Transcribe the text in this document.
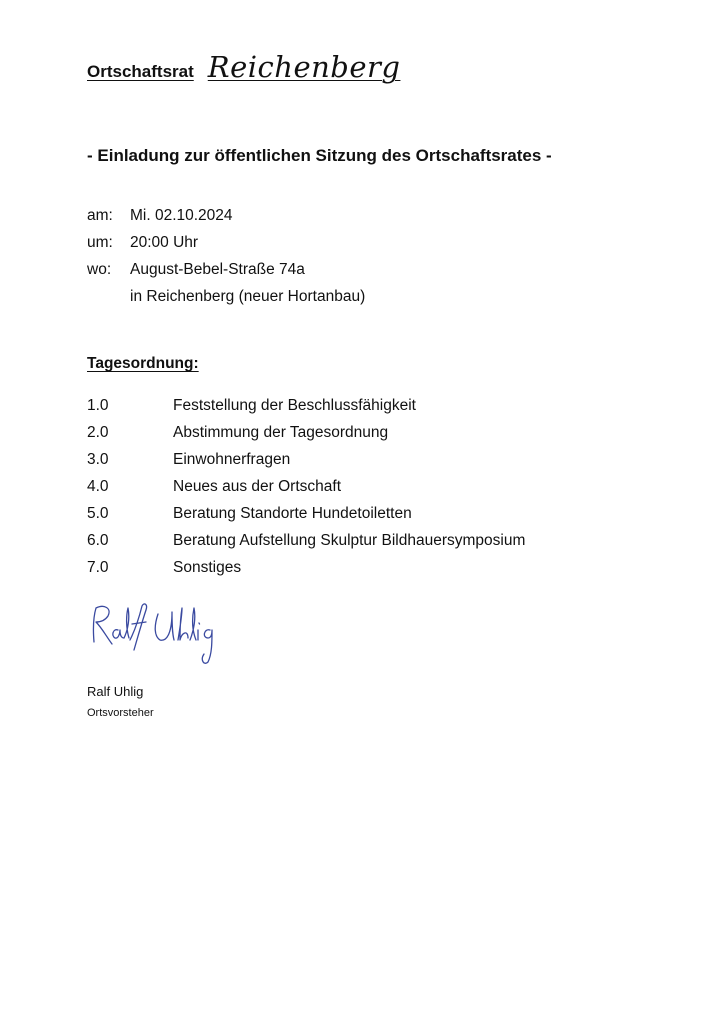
Ortschaftsrat Reichenberg
- Einladung zur öffentlichen Sitzung des Ortschaftsrates -
am:	Mi. 02.10.2024
um:	20:00 Uhr
wo:	August-Bebel-Straße 74a
in Reichenberg (neuer Hortanbau)
Tagesordnung:
1.0	Feststellung der Beschlussfähigkeit
2.0	Abstimmung der Tagesordnung
3.0	Einwohnerfragen
4.0	Neues aus der Ortschaft
5.0	Beratung Standorte Hundetoiletten
6.0	Beratung Aufstellung Skulptur Bildhauersymposium
7.0	Sonstiges
Ralf Uhlig
Ortsvorsteher
